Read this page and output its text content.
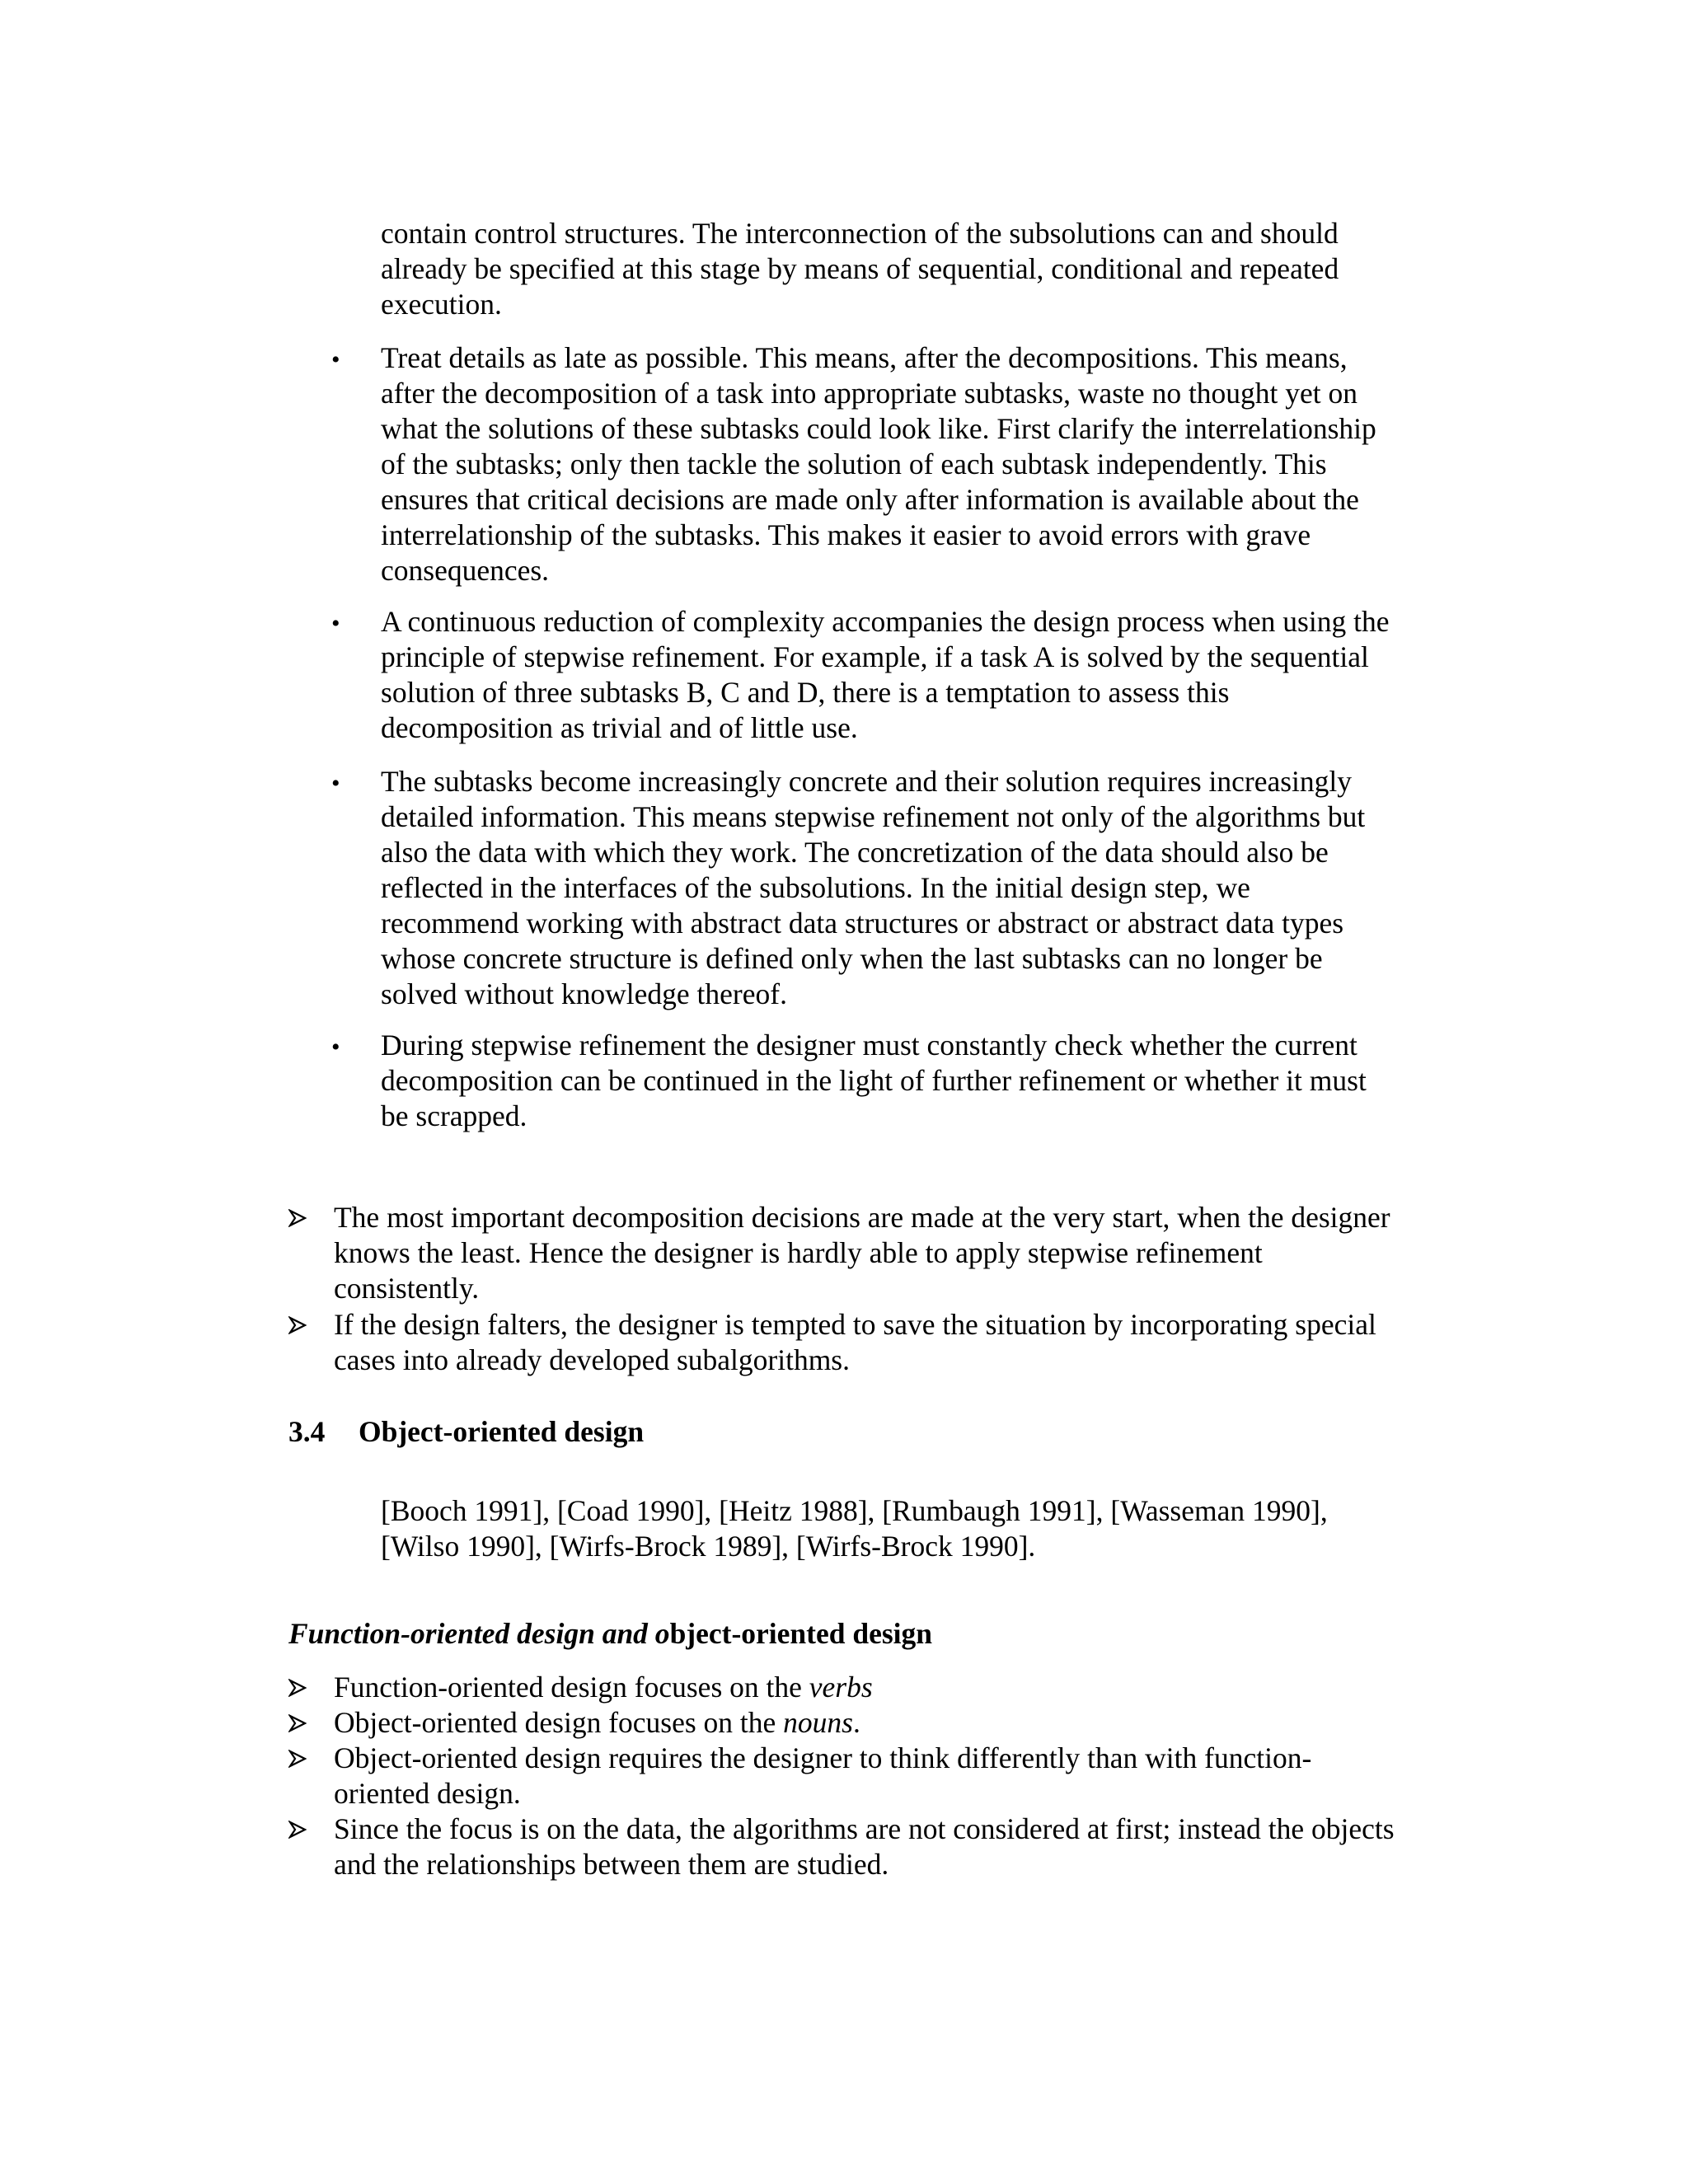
contain control structures. The interconnection of the subsolutions can and should already be specified at this stage by means of sequential, conditional and repeated execution.

• Treat details as late as possible. This means, after the decompositions. This means, after the decomposition of a task into appropriate subtasks, waste no thought yet on what the solutions of these subtasks could look like. First clarify the interrelationship of the subtasks; only then tackle the solution of each subtask independently. This ensures that critical decisions are made only after information is available about the interrelationship of the subtasks. This makes it easier to avoid errors with grave consequences.

• A continuous reduction of complexity accompanies the design process when using the principle of stepwise refinement. For example, if a task A is solved by the sequential solution of three subtasks B, C and D, there is a temptation to assess this decomposition as trivial and of little use.

• The subtasks become increasingly concrete and their solution requires increasingly detailed information. This means stepwise refinement not only of the algorithms but also the data with which they work. The concretization of the data should also be reflected in the interfaces of the subsolutions. In the initial design step, we recommend working with abstract data structures or abstract or abstract data types whose concrete structure is defined only when the last subtasks can no longer be solved without knowledge thereof.

• During stepwise refinement the designer must constantly check whether the current decomposition can be continued in the light of further refinement or whether it must be scrapped.

The most important decomposition decisions are made at the very start, when the designer knows the least. Hence the designer is hardly able to apply stepwise refinement consistently.

If the design falters, the designer is tempted to save the situation by incorporating special cases into already developed subalgorithms.

3.4 Object-oriented design

[Booch 1991], [Coad 1990], [Heitz 1988], [Rumbaugh 1991], [Wasseman 1990], [Wilso 1990], [Wirfs-Brock 1989], [Wirfs-Brock 1990].

Function-oriented design and object-oriented design

Function-oriented design focuses on the verbs

Object-oriented design focuses on the nouns.

Object-oriented design requires the designer to think differently than with function-oriented design.

Since the focus is on the data, the algorithms are not considered at first; instead the objects and the relationships between them are studied.
